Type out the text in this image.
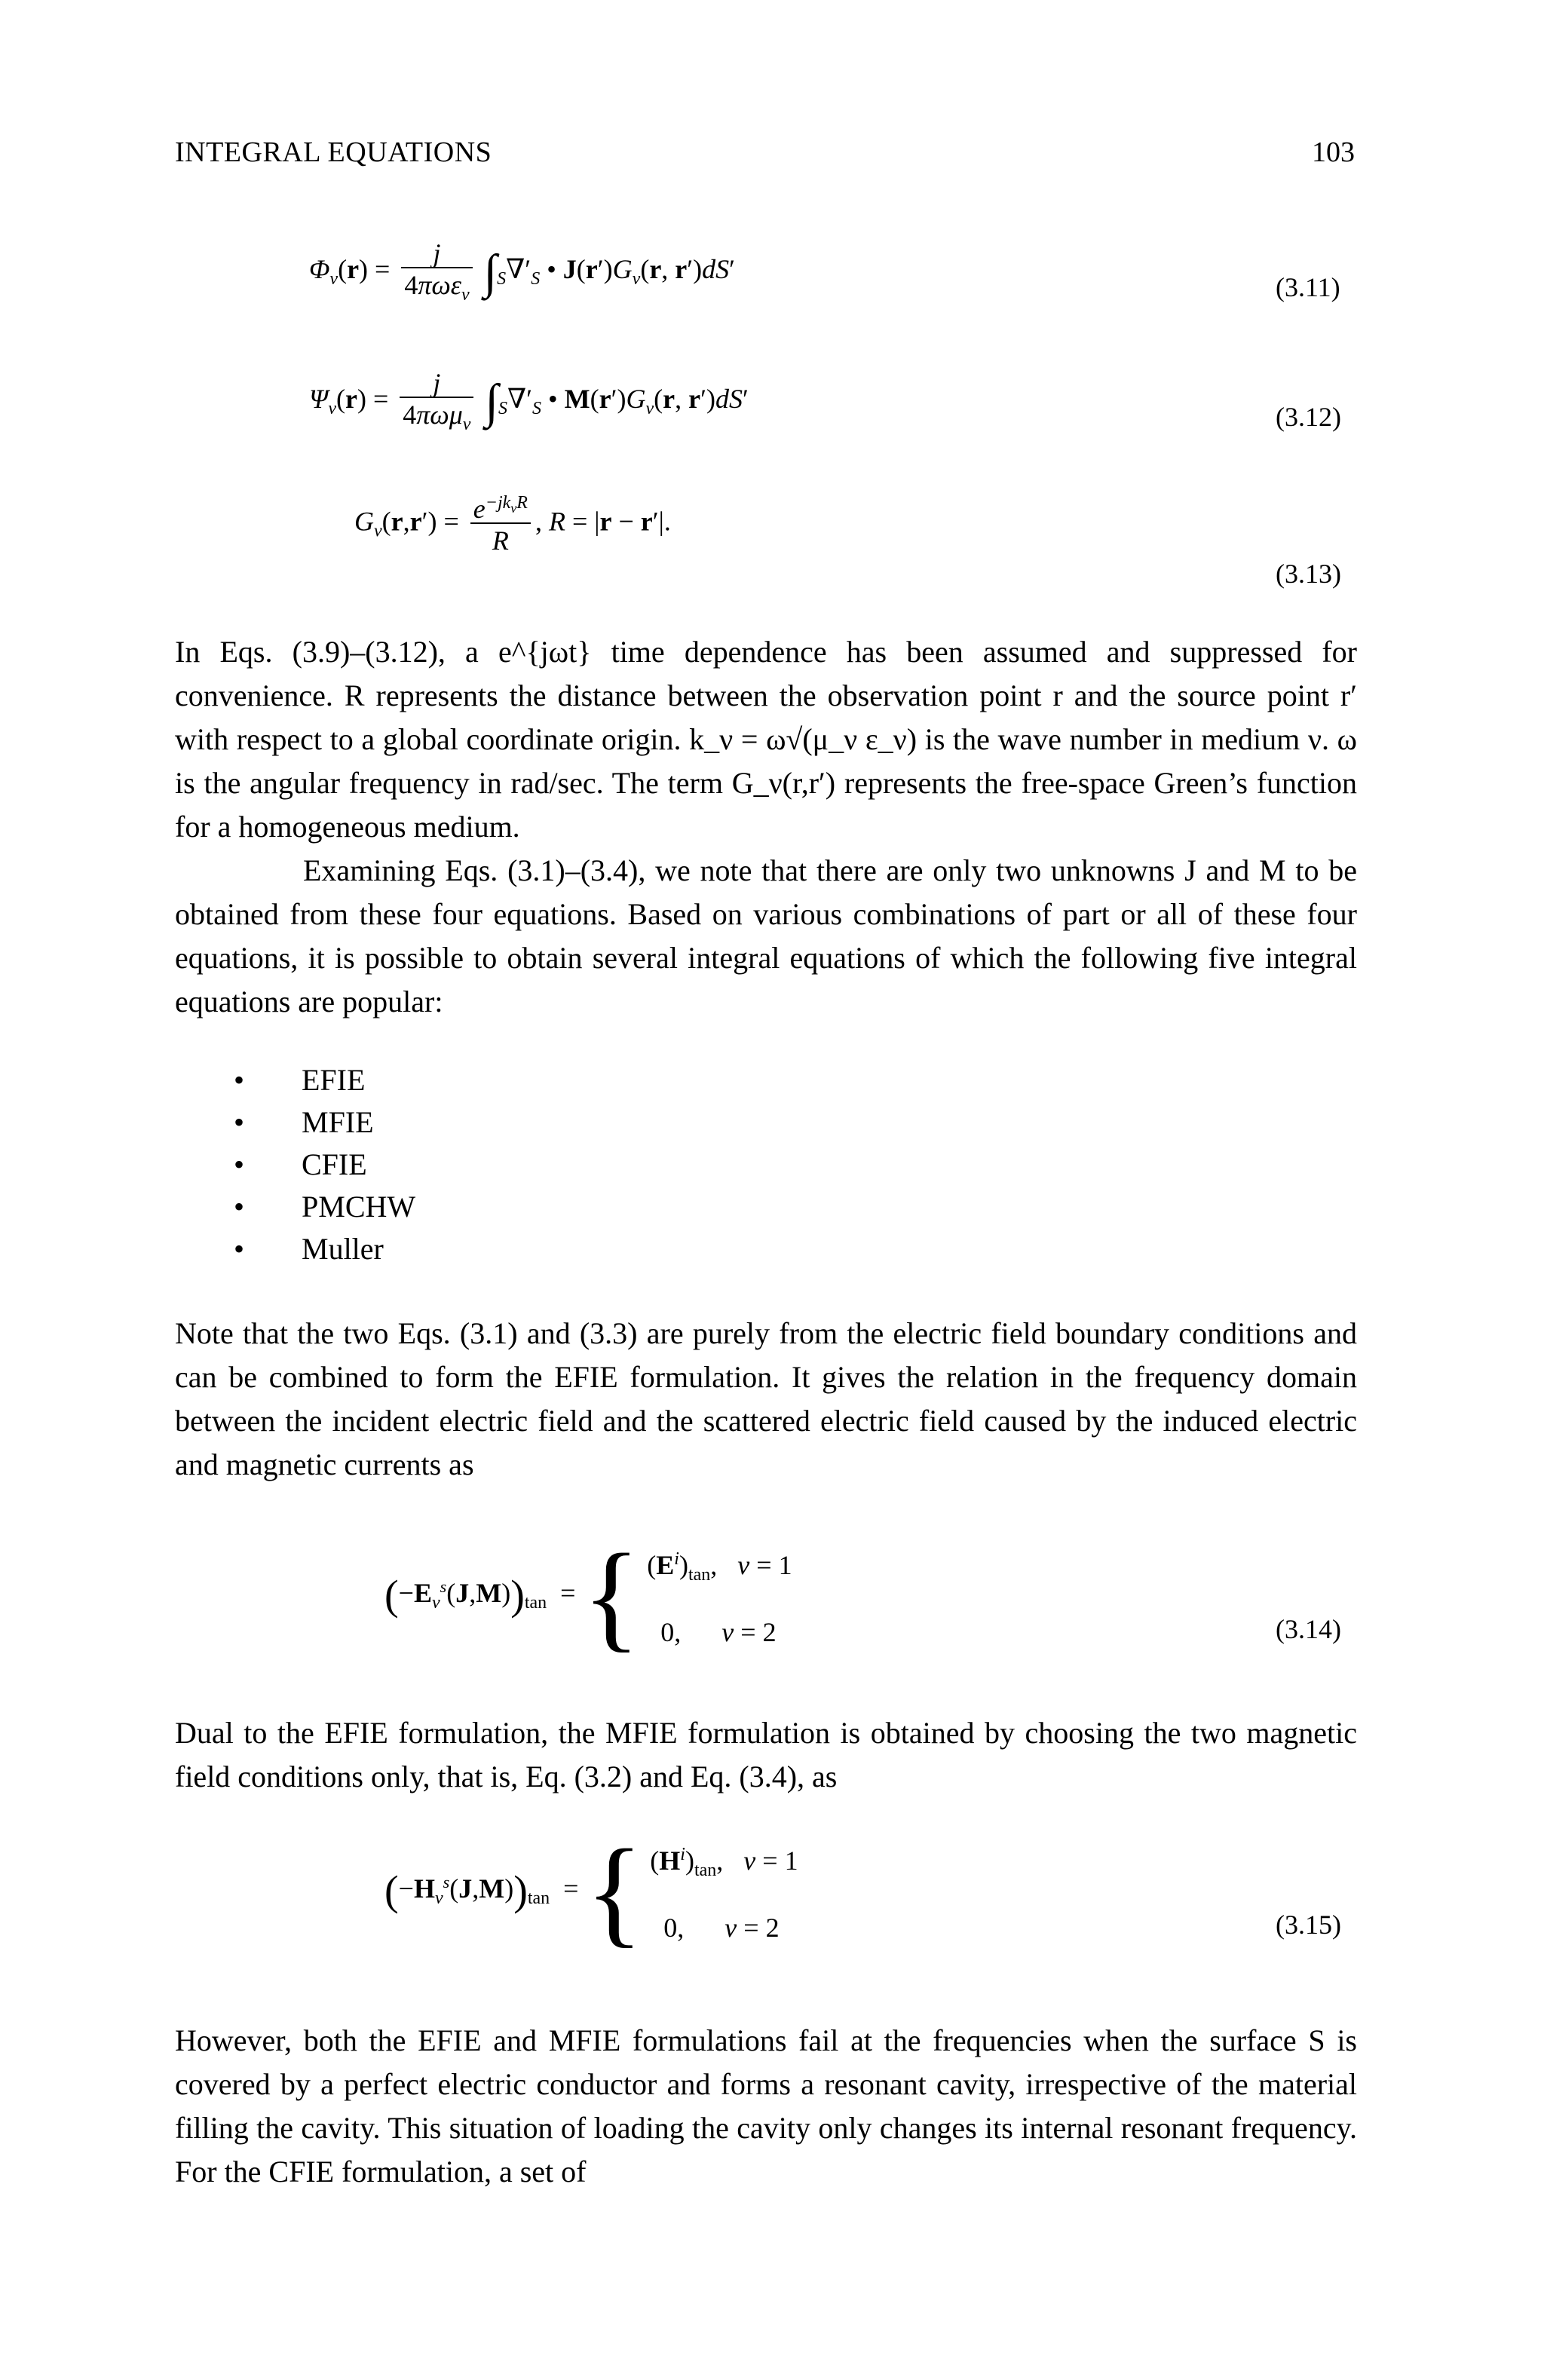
INTEGRAL EQUATIONS	103
$\Phi_\nu(r) = \frac{j}{4\pi\omega\varepsilon_\nu} \int_S\nabla'_S$ • $J(r')G_\nu(r$, r′)dS′
(3.11)
$\Psi_\nu(r) = \frac{j}{4\pi\omega\mu_\nu} \int_S\nabla'_S$ • $M(r')G_\nu(r$, r′)dS′
(3.12)
$G_\nu(r,r') = \frac{e^{-jk_\nu R}}{R}$ , R = |r − r′|.
(3.13)

In Eqs. (3.9)–(3.12), a e^{jωt} time dependence has been assumed and suppressed for convenience. R represents the distance between the observation point r and the source point r′ with respect to a global coordinate origin. k_ν = ω√(μ_ν ε_ν) is the wave number in medium ν. ω is the angular frequency in rad/sec. The term G_ν(r,r′) represents the free-space Green’s function for a homogeneous medium.

Examining Eqs. (3.1)–(3.4), we note that there are only two unknowns J and M to be obtained from these four equations. Based on various combinations of part or all of these four equations, it is possible to obtain several integral equations of which the following five integral equations are popular:

• EFIE
• MFIE
• CFIE
• PMCHW
• Muller

Note that the two Eqs. (3.1) and (3.3) are purely from the electric field boundary conditions and can be combined to form the EFIE formulation. It gives the relation in the frequency domain between the incident electric field and the scattered electric field caused by the induced electric and magnetic currents as

$(-E_\nu^s(J,M))_{tan}$  = { $(E^i)_{tan}$,   ν = 1
0,      ν = 2	(3.14)

Dual to the EFIE formulation, the MFIE formulation is obtained by choosing the two magnetic field conditions only, that is, Eq. (3.2) and Eq. (3.4), as

$(-H_\nu^s(J,M))_{tan}$  = { $(H^i)_{tan}$,   ν = 1
0,      ν = 2	(3.15)

However, both the EFIE and MFIE formulations fail at the frequencies when the surface S is covered by a perfect electric conductor and forms a resonant cavity, irrespective of the material filling the cavity. This situation of loading the cavity only changes its internal resonant frequency. For the CFIE formulation, a set of
